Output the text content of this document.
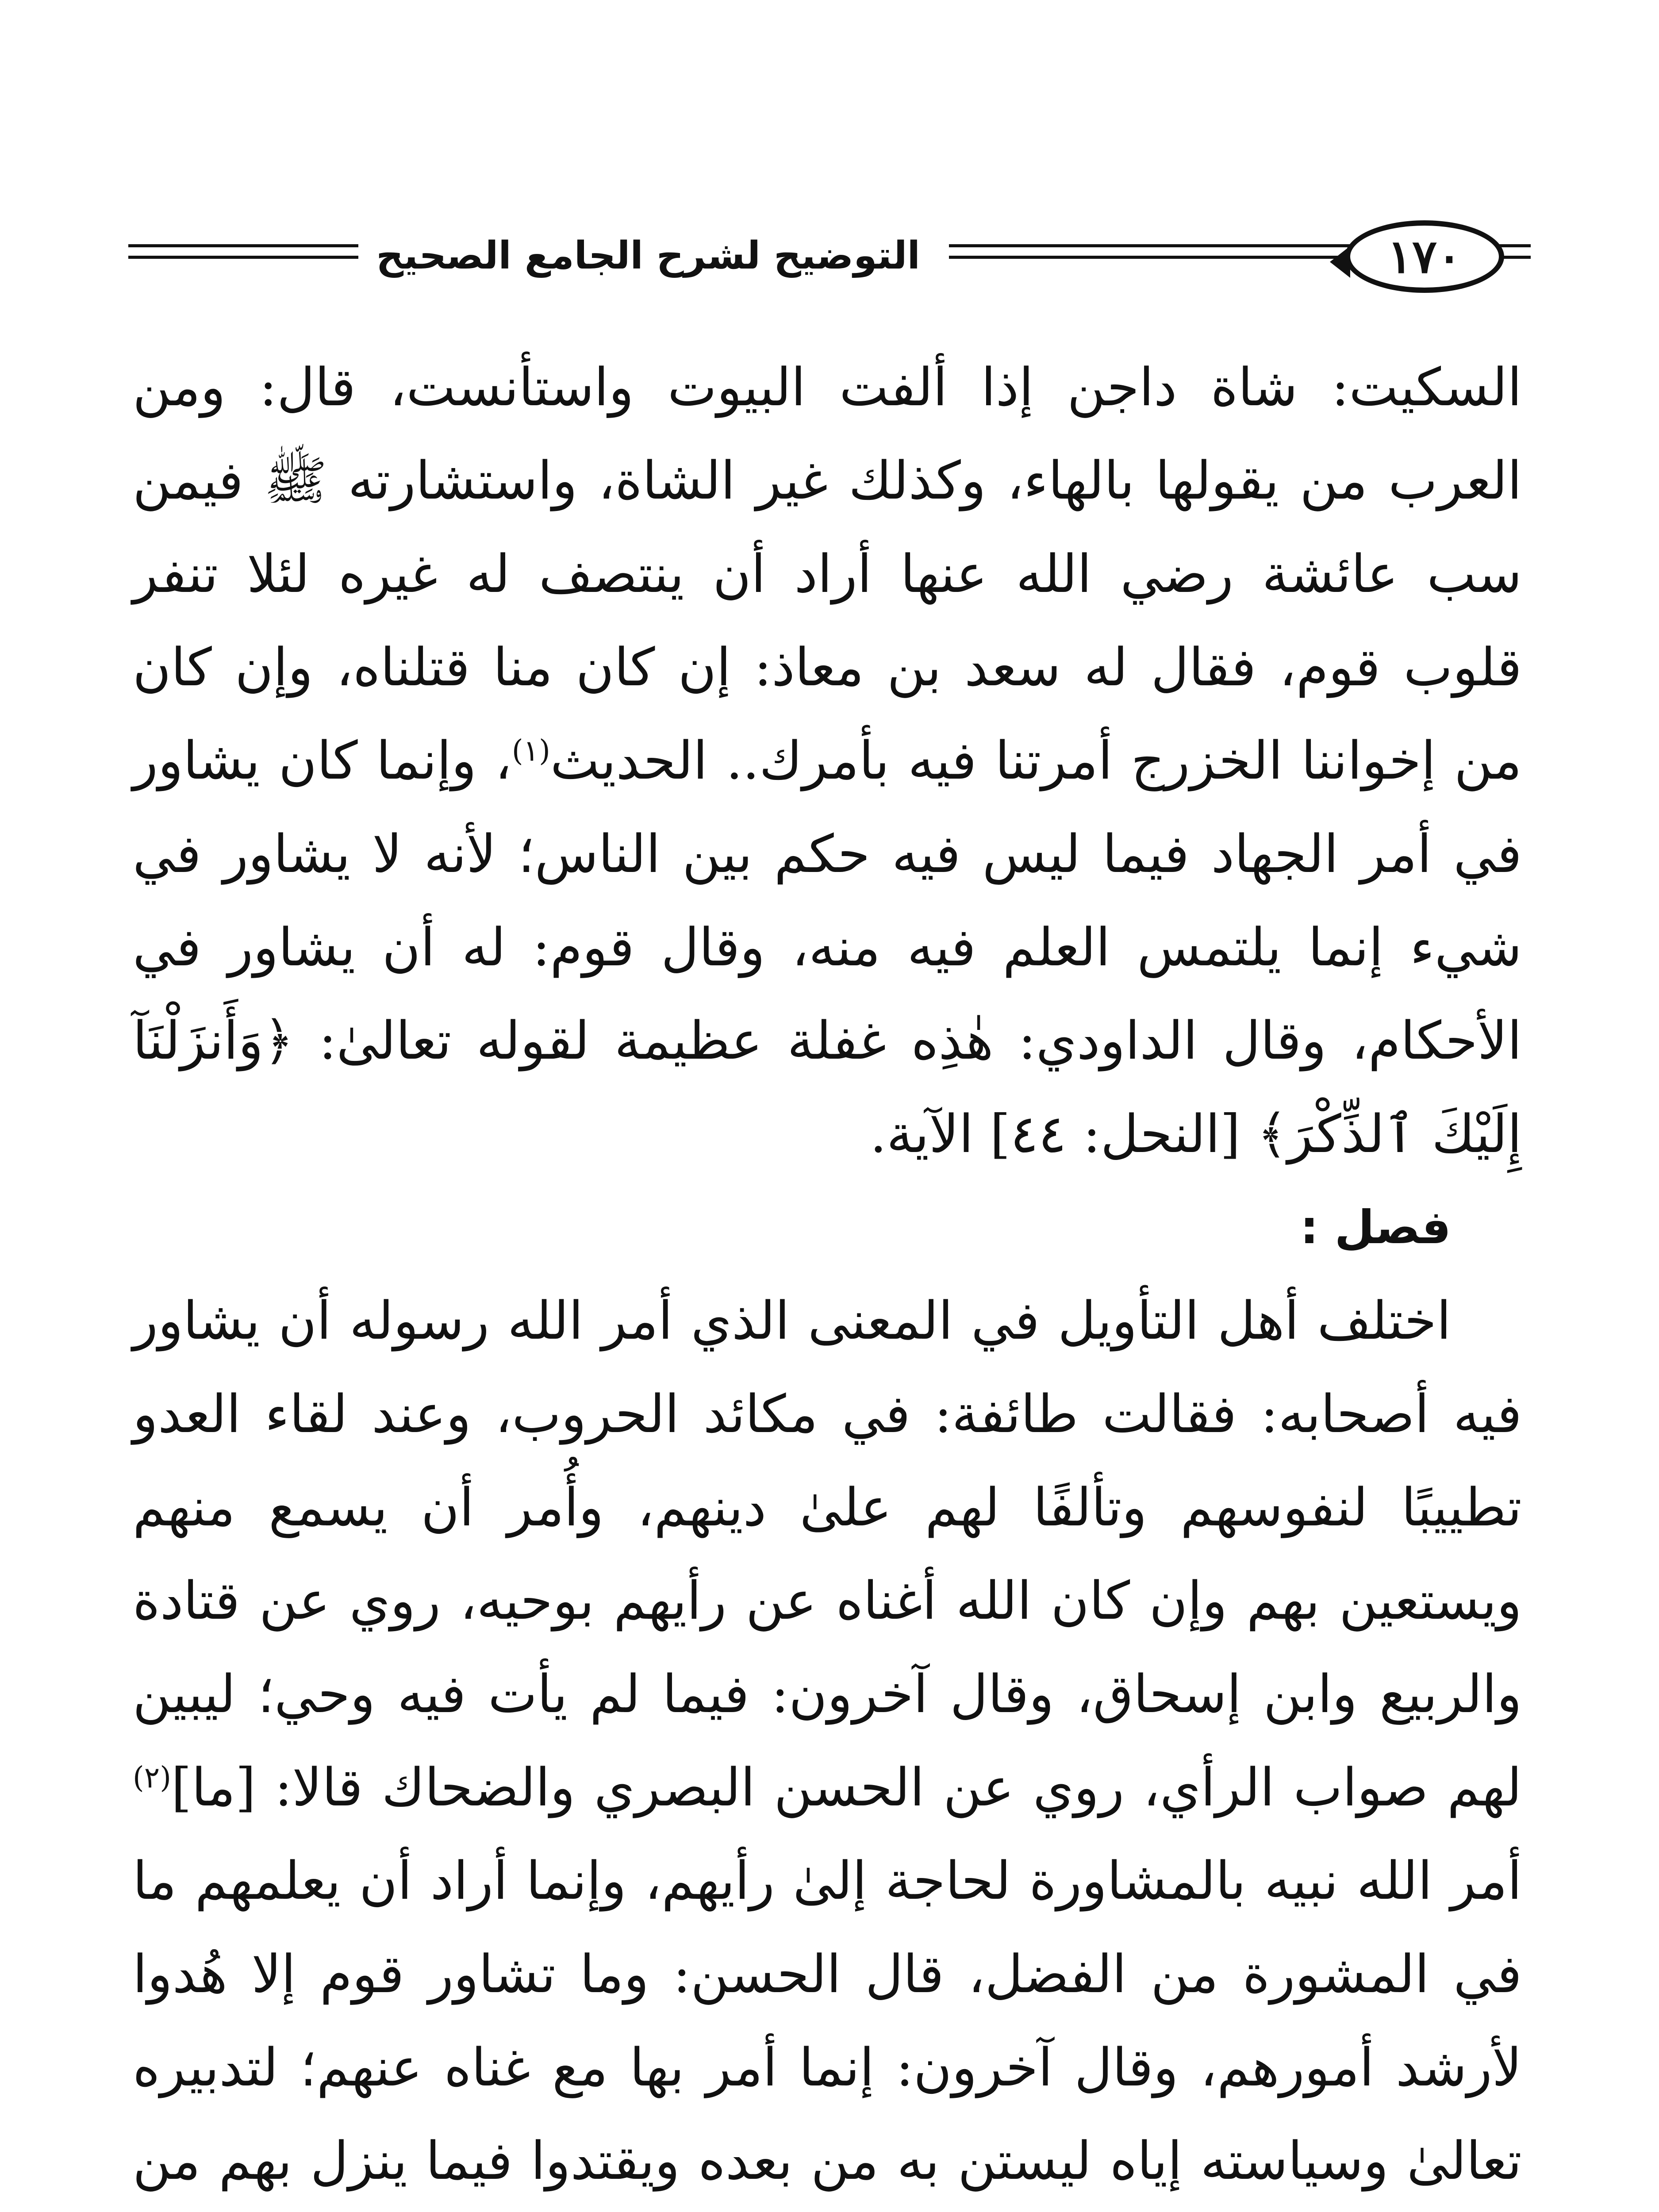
التوضيح لشرح الجامع الصحيح	١٧٠

السكيت: شاة داجن إذا ألفت البيوت واستأنست، قال: ومن العرب من يقولها بالهاء، وكذلك غير الشاة، واستشارته ﷺ فيمن سب عائشة رضي الله عنها أراد أن ينتصف له غيره لئلا تنفر قلوب قوم، فقال له سعد بن معاذ: إن كان منا قتلناه، وإن كان من إخواننا الخزرج أمرتنا فيه بأمرك.. الحديث$^{(١)}$، وإنما كان يشاور في أمر الجهاد فيما ليس فيه حكم بين الناس؛ لأنه لا يشاور في شيء إنما يلتمس العلم فيه منه، وقال قوم: له أن يشاور في الأحكام، وقال الداودي: هٰذِه غفلة عظيمة لقوله تعالىٰ: ﴿وَأَنزَلْنَآ إِلَيْكَ ٱلذِّكْرَ﴾ [النحل: ٤٤] الآية.

فصل :

اختلف أهل التأويل في المعنى الذي أمر الله رسوله أن يشاور فيه أصحابه: فقالت طائفة: في مكائد الحروب، وعند لقاء العدو تطييبًا لنفوسهم وتألفًا لهم علىٰ دينهم، وأُمر أن يسمع منهم ويستعين بهم وإن كان الله أغناه عن رأيهم بوحيه، روي عن قتادة والربيع وابن إسحاق، وقال آخرون: فيما لم يأت فيه وحي؛ ليبين لهم صواب الرأي، روي عن الحسن البصري والضحاك قالا: [ما]$^{(٢)}$ أمر الله نبيه بالمشاورة لحاجة إلىٰ رأيهم، وإنما أراد أن يعلمهم ما في المشورة من الفضل، قال الحسن: وما تشاور قوم إلا هُدوا لأرشد أمورهم، وقال آخرون: إنما أمر بها مع غناه عنهم؛ لتدبيره تعالىٰ وسياسته إياه ليستن به من بعده ويقتدوا فيما ينزل بهم من
